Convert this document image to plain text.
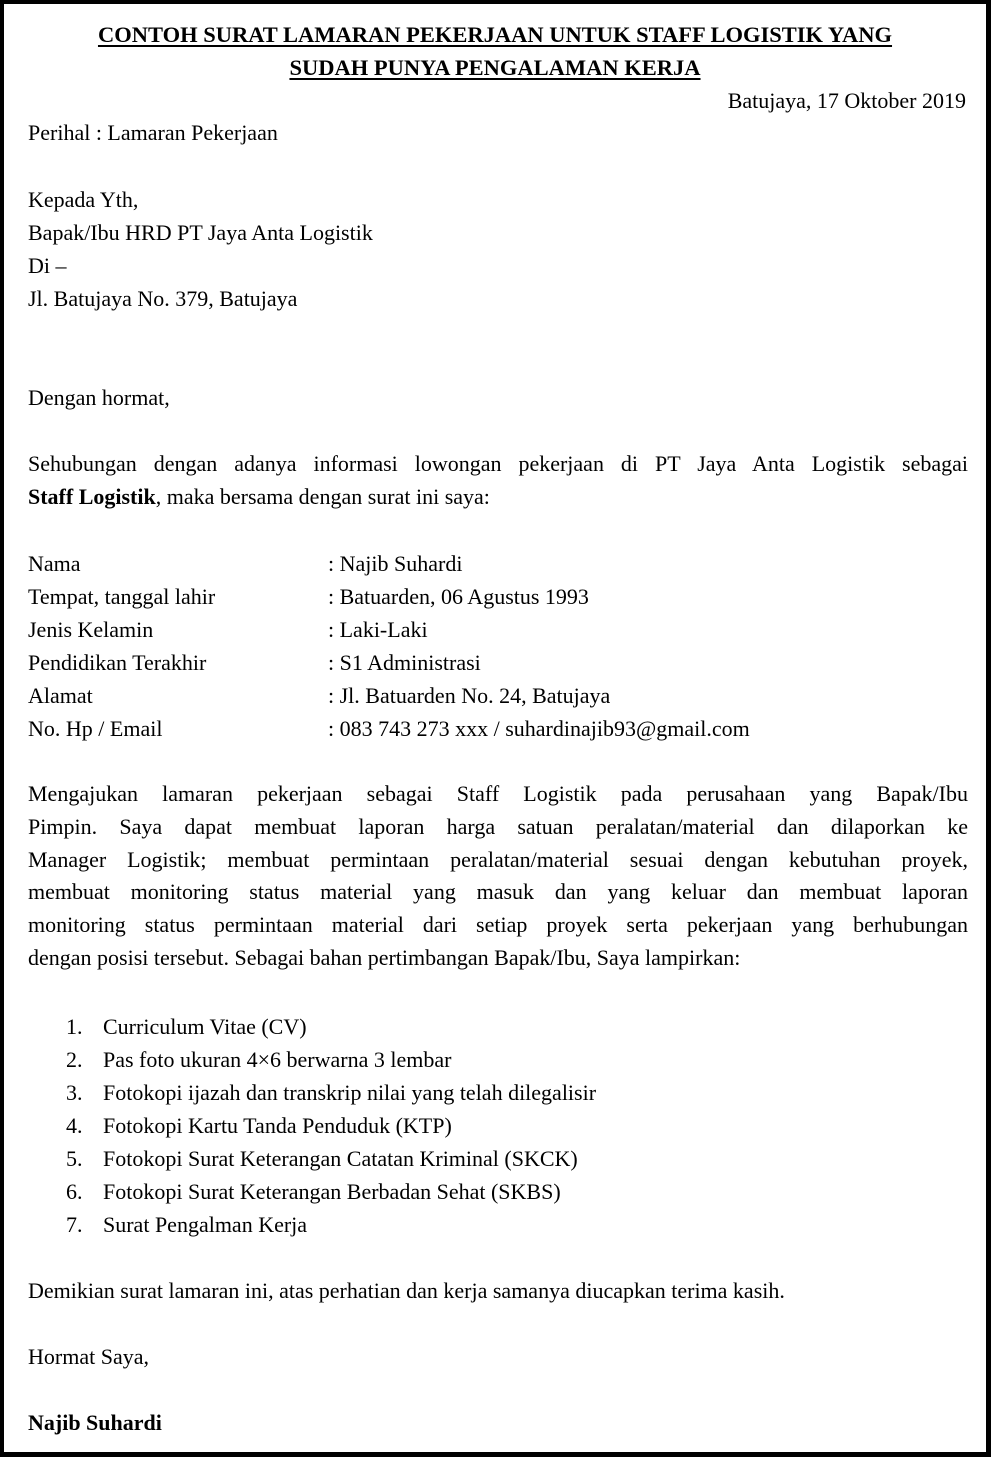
CONTOH SURAT LAMARAN PEKERJAAN UNTUK STAFF LOGISTIK YANG
SUDAH PUNYA PENGALAMAN KERJA
Batujaya, 17 Oktober 2019
Perihal : Lamaran Pekerjaan
Kepada Yth,
Bapak/Ibu HRD PT Jaya Anta Logistik
Di –
Jl. Batujaya No. 379, Batujaya
Dengan hormat,
Sehubungan dengan adanya informasi lowongan pekerjaan di PT Jaya Anta Logistik sebagai
Staff Logistik, maka bersama dengan surat ini saya:
Nama	: Najib Suhardi
Tempat, tanggal lahir	: Batuarden, 06 Agustus 1993
Jenis Kelamin	: Laki-Laki
Pendidikan Terakhir	: S1 Administrasi
Alamat	: Jl. Batuarden No. 24, Batujaya
No. Hp / Email	: 083 743 273 xxx / suhardinajib93@gmail.com
Mengajukan lamaran pekerjaan sebagai Staff Logistik pada perusahaan yang Bapak/Ibu
Pimpin. Saya dapat membuat laporan harga satuan peralatan/material dan dilaporkan ke
Manager Logistik; membuat permintaan peralatan/material sesuai dengan kebutuhan proyek,
membuat monitoring status material yang masuk dan yang keluar dan membuat laporan
monitoring status permintaan material dari setiap proyek serta pekerjaan yang berhubungan
dengan posisi tersebut. Sebagai bahan pertimbangan Bapak/Ibu, Saya lampirkan:
1. Curriculum Vitae (CV)
2. Pas foto ukuran 4×6 berwarna 3 lembar
3. Fotokopi ijazah dan transkrip nilai yang telah dilegalisir
4. Fotokopi Kartu Tanda Penduduk (KTP)
5. Fotokopi Surat Keterangan Catatan Kriminal (SKCK)
6. Fotokopi Surat Keterangan Berbadan Sehat (SKBS)
7. Surat Pengalman Kerja
Demikian surat lamaran ini, atas perhatian dan kerja samanya diucapkan terima kasih.
Hormat Saya,
Najib Suhardi
